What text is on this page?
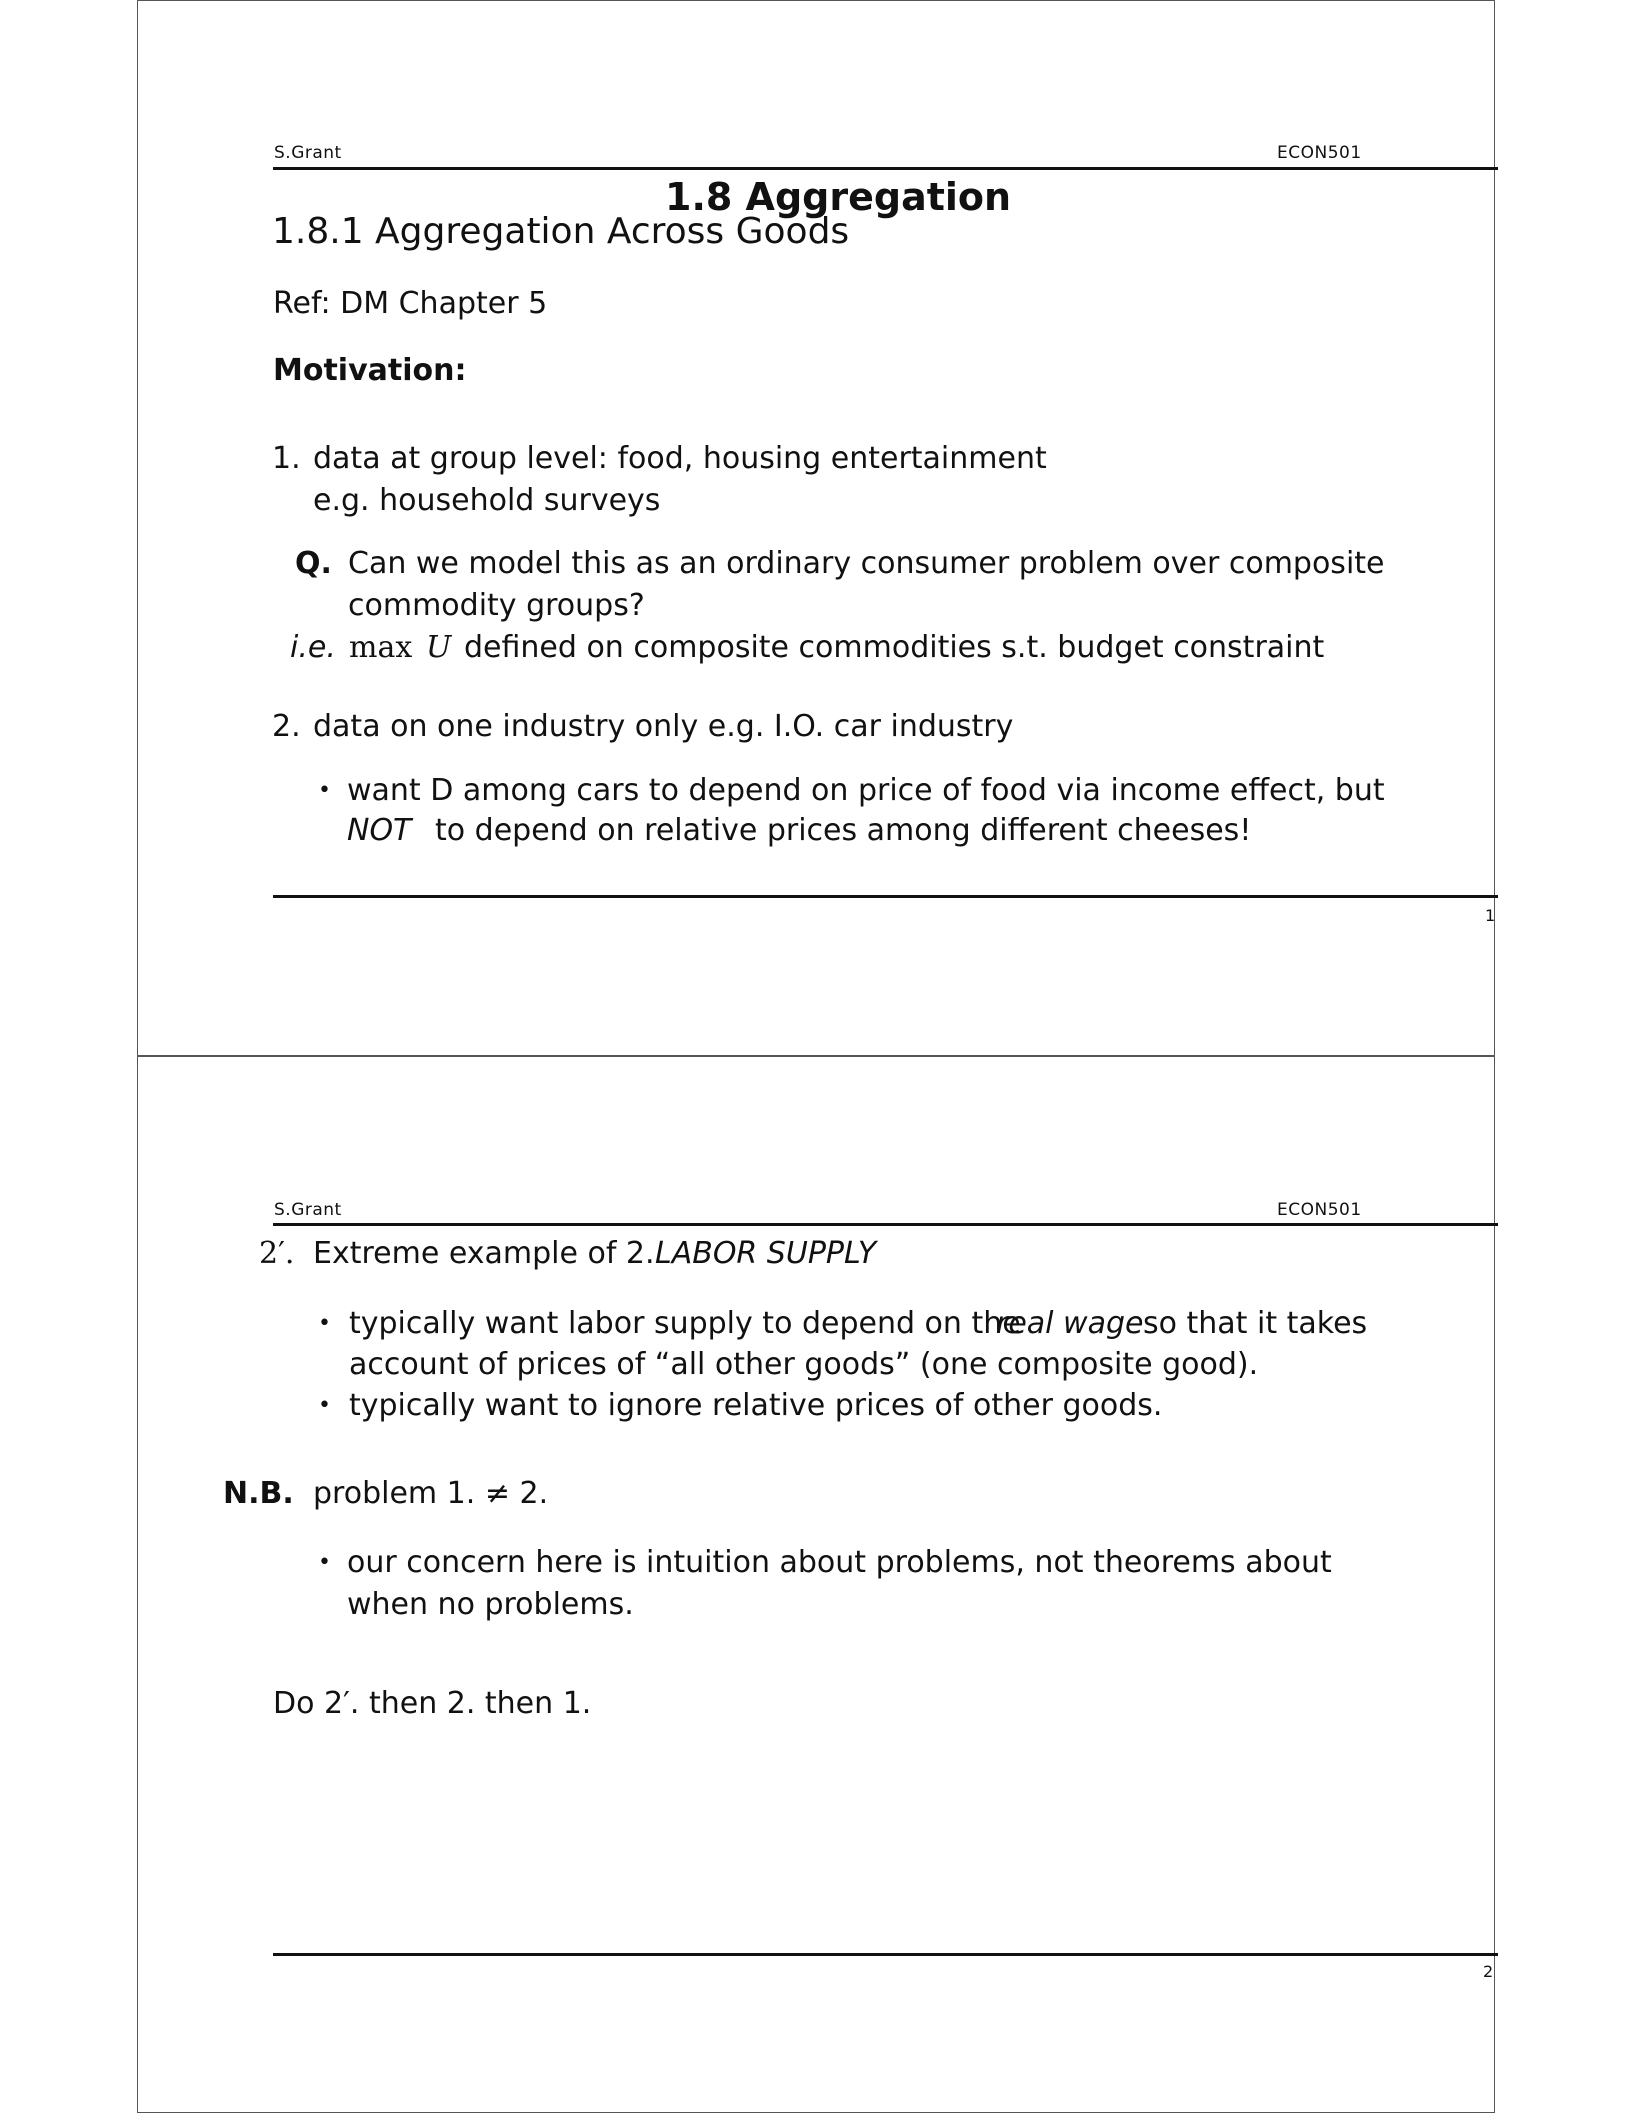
S.Grant	ECON501
1.8 Aggregation
1.8.1 Aggregation Across Goods
Ref: DM Chapter 5
Motivation:
1. data at group level: food, housing entertainment
e.g. household surveys
Q. Can we model this as an ordinary consumer problem over composite
commodity groups?
i.e. max U defined on composite commodities s.t. budget constraint
2. data on one industry only e.g. I.O. car industry
• want D among cars to depend on price of food via income effect, but
NOT to depend on relative prices among different cheeses!
1
S.Grant	ECON501
2′. Extreme example of 2. LABOR SUPPLY
• typically want labor supply to depend on the
real wage so that it takes
account of prices of “all other goods” (one composite good).
• typically want to ignore relative prices of other goods.
N.B. problem 1. ≠ 2.
• our concern here is intuition about problems, not theorems about
when no problems.
Do 2′. then 2. then 1.
2
